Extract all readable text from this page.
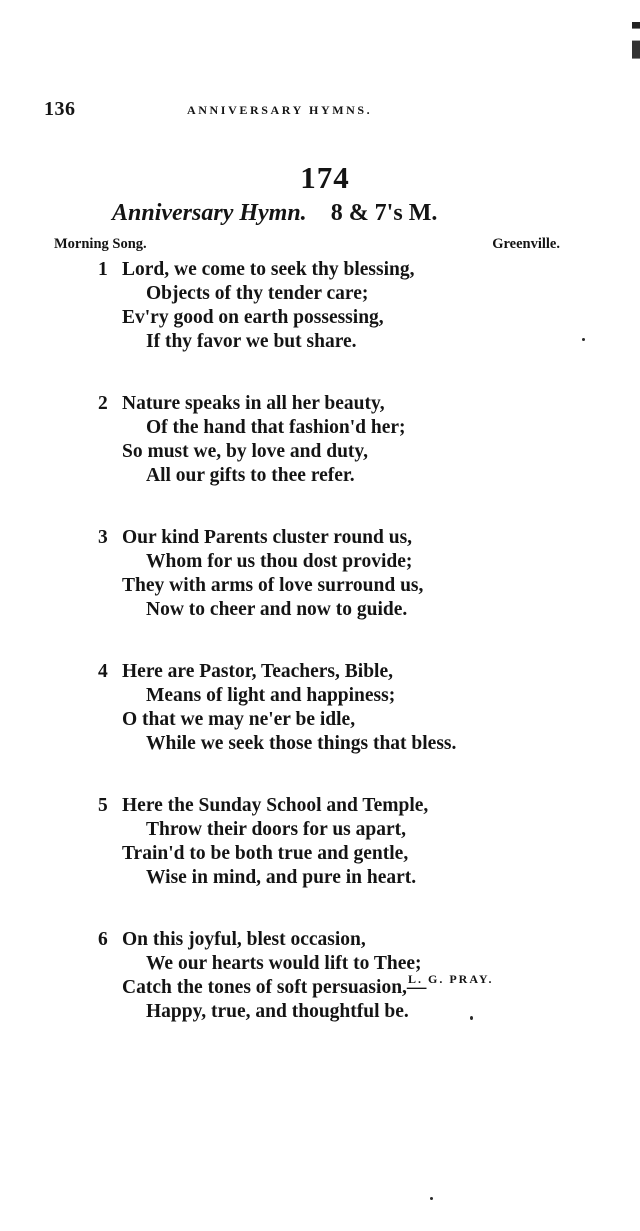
136	ANNIVERSARY HYMNS.
174
Anniversary Hymn. 8 & 7's M.
Morning Song.	Greenville.
1 Lord, we come to seek thy blessing,
Objects of thy tender care;
Ev'ry good on earth possessing,
If thy favor we but share.
2 Nature speaks in all her beauty,
Of the hand that fashion'd her;
So must we, by love and duty,
All our gifts to thee refer.
3 Our kind Parents cluster round us,
Whom for us thou dost provide;
They with arms of love surround us,
Now to cheer and now to guide.
4 Here are Pastor, Teachers, Bible,
Means of light and happiness;
O that we may ne'er be idle,
While we seek those things that bless.
5 Here the Sunday School and Temple,
Throw their doors for us apart,
Train'd to be both true and gentle,
Wise in mind, and pure in heart.
6 On this joyful, blest occasion,
We our hearts would lift to Thee;
Catch the tones of soft persuasion,—
Happy, true, and thoughtful be.
L. G. PRAY.
